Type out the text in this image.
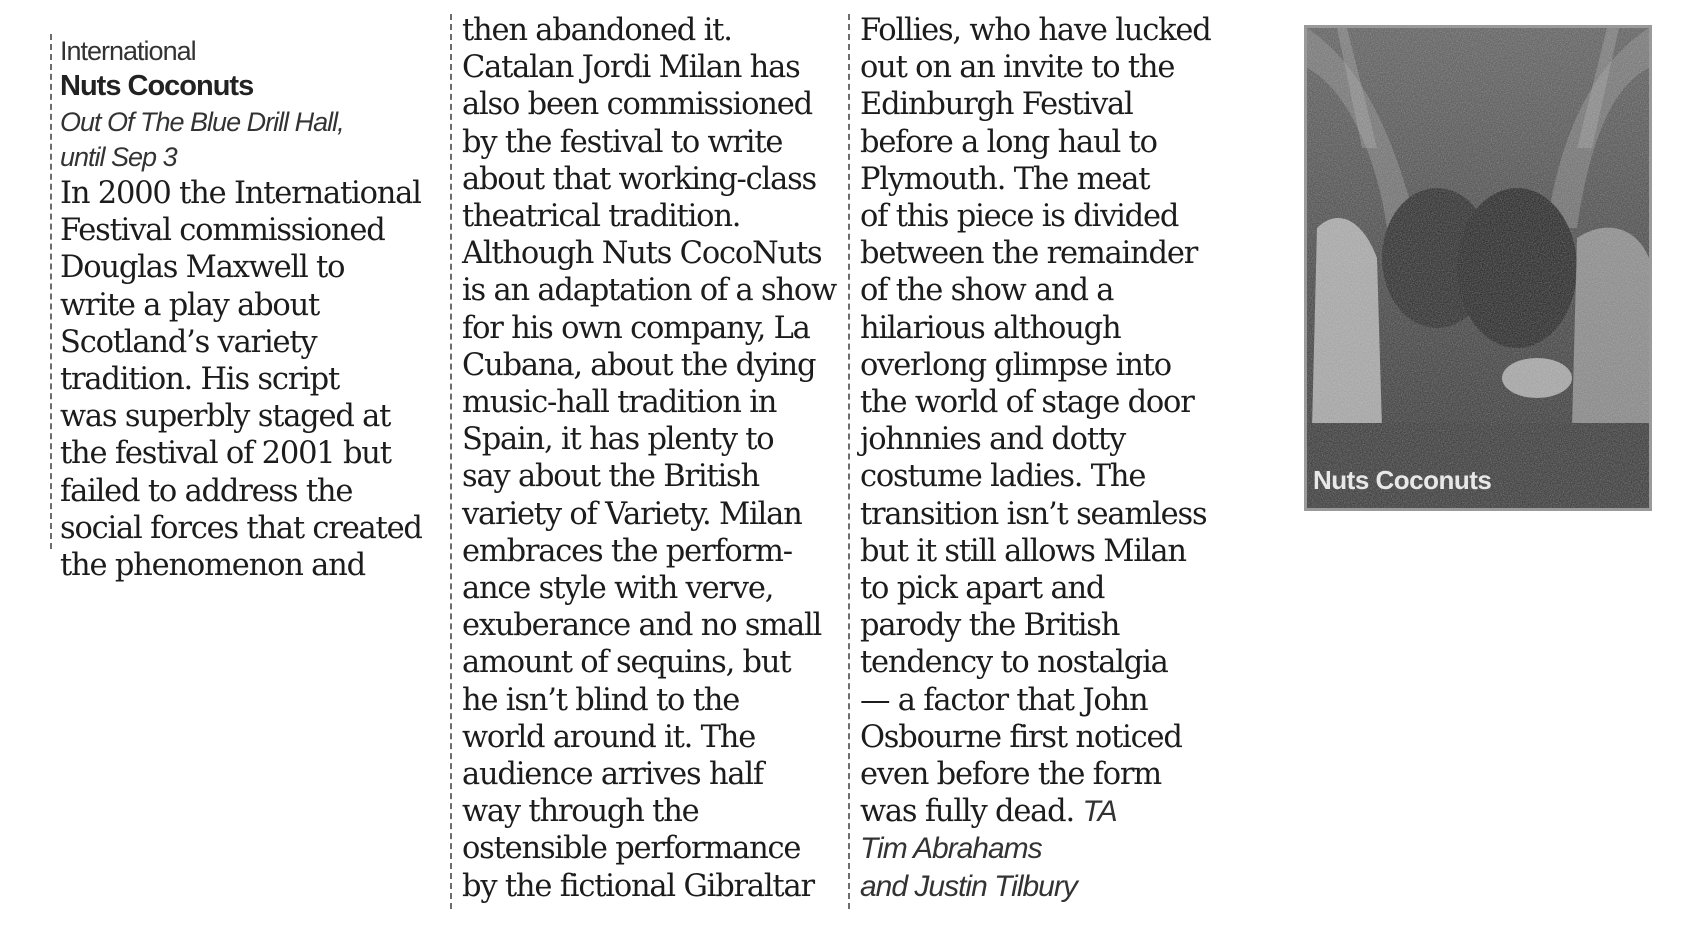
International
Nuts Coconuts
Out Of The Blue Drill Hall,
until Sep 3
In 2000 the International
Festival commissioned
Douglas Maxwell to
write a play about
Scotland’s variety
tradition. His script
was superbly staged at
the festival of 2001 but
failed to address the
social forces that created
the phenomenon and
then abandoned it.
Catalan Jordi Milan has
also been commissioned
by the festival to write
about that working-class
theatrical tradition.
Although Nuts CocoNuts
is an adaptation of a show
for his own company, La
Cubana, about the dying
music-hall tradition in
Spain, it has plenty to
say about the British
variety of Variety. Milan
embraces the perform-
ance style with verve,
exuberance and no small
amount of sequins, but
he isn’t blind to the
world around it. The
audience arrives half
way through the
ostensible performance
by the fictional Gibraltar
Follies, who have lucked
out on an invite to the
Edinburgh Festival
before a long haul to
Plymouth. The meat
of this piece is divided
between the remainder
of the show and a
hilarious although
overlong glimpse into
the world of stage door
johnnies and dotty
costume ladies. The
transition isn’t seamless
but it still allows Milan
to pick apart and
parody the British
tendency to nostalgia
— a factor that John
Osbourne first noticed
even before the form
was fully dead. TA
Tim Abrahams
and Justin Tilbury
Nuts Coconuts
